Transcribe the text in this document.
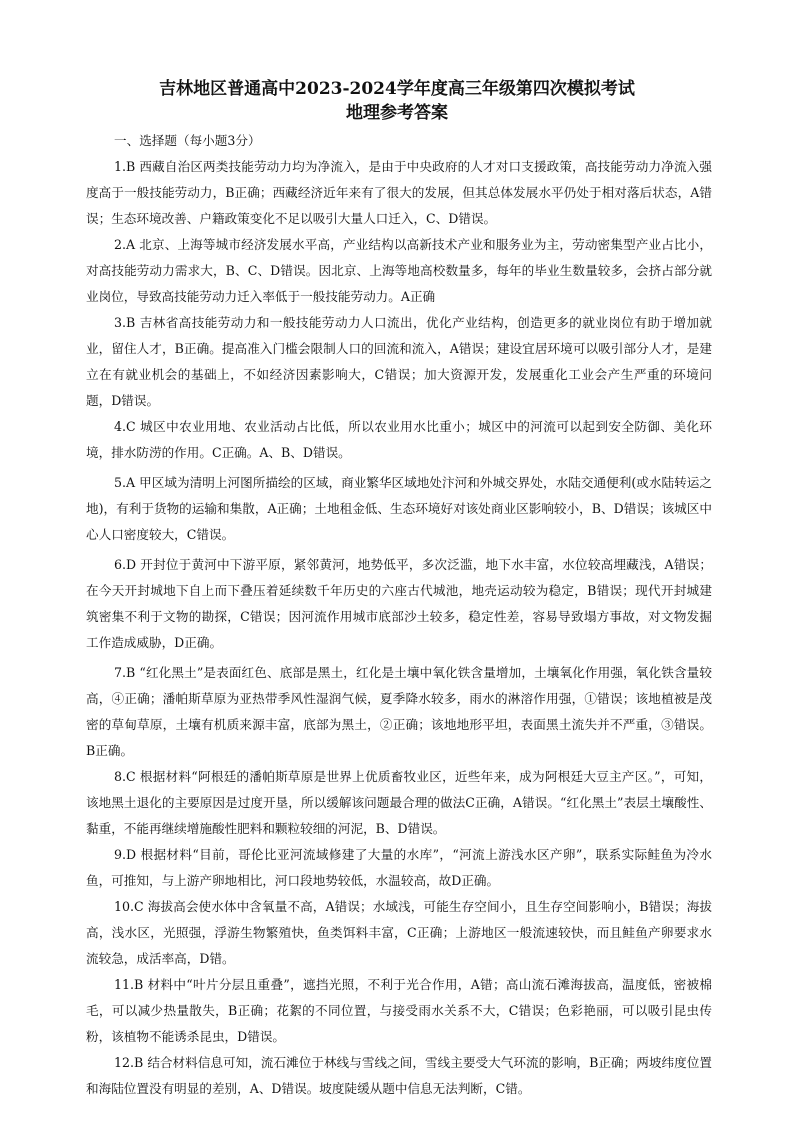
吉林地区普通高中2023-2024学年度高三年级第四次模拟考试
地理参考答案

一、选择题（每小题3分）

1.B 西藏自治区两类技能劳动力均为净流入，是由于中央政府的人才对口支援政策，高技能劳动力净流入强度高于一般技能劳动力，B正确；西藏经济近年来有了很大的发展，但其总体发展水平仍处于相对落后状态，A错误；生态环境改善、户籍政策变化不足以吸引大量人口迁入，C、D错误。

2.A 北京、上海等城市经济发展水平高，产业结构以高新技术产业和服务业为主，劳动密集型产业占比小，对高技能劳动力需求大，B、C、D错误。因北京、上海等地高校数量多，每年的毕业生数量较多，会挤占部分就业岗位，导致高技能劳动力迁入率低于一般技能劳动力。A正确

3.B 吉林省高技能劳动力和一般技能劳动力人口流出，优化产业结构，创造更多的就业岗位有助于增加就业，留住人才，B正确。提高准入门槛会限制人口的回流和流入，A错误；建设宜居环境可以吸引部分人才，是建立在有就业机会的基础上，不如经济因素影响大，C错误；加大资源开发，发展重化工业会产生严重的环境问题，D错误。

4.C 城区中农业用地、农业活动占比低，所以农业用水比重小；城区中的河流可以起到安全防御、美化环境，排水防涝的作用。C正确。A、B、D错误。

5.A 甲区域为清明上河图所描绘的区域，商业繁华区域地处汴河和外城交界处，水陆交通便利(或水陆转运之地)，有利于货物的运输和集散，A正确；土地租金低、生态环境好对该处商业区影响较小，B、D错误；该城区中心人口密度较大，C错误。

6.D 开封位于黄河中下游平原，紧邻黄河，地势低平，多次泛滥，地下水丰富，水位较高埋藏浅，A错误；在今天开封城地下自上而下叠压着延续数千年历史的六座古代城池，地壳运动较为稳定，B错误；现代开封城建筑密集不利于文物的勘探，C错误；因河流作用城市底部沙土较多，稳定性差，容易导致塌方事故，对文物发掘工作造成威胁，D正确。

7.B “红化黑土”是表面红色、底部是黑土，红化是土壤中氧化铁含量增加，土壤氧化作用强，氧化铁含量较高，④正确；潘帕斯草原为亚热带季风性湿润气候，夏季降水较多，雨水的淋溶作用强，①错误；该地植被是茂密的草甸草原，土壤有机质来源丰富，底部为黑土，②正确；该地地形平坦，表面黑土流失并不严重，③错误。B正确。

8.C 根据材料“阿根廷的潘帕斯草原是世界上优质畜牧业区，近些年来，成为阿根廷大豆主产区。”，可知，该地黑土退化的主要原因是过度开垦，所以缓解该问题最合理的做法C正确，A错误。“红化黑土”表层土壤酸性、黏重，不能再继续增施酸性肥料和颗粒较细的河泥，B、D错误。

9.D 根据材料“目前，哥伦比亚河流域修建了大量的水库”，“河流上游浅水区产卵”，联系实际鲑鱼为冷水鱼，可推知，与上游产卵地相比，河口段地势较低，水温较高，故D正确。

10.C 海拔高会使水体中含氧量不高，A错误；水域浅，可能生存空间小，且生存空间影响小，B错误；海拔高，浅水区，光照强，浮游生物繁殖快，鱼类饵料丰富，C正确；上游地区一般流速较快，而且鲑鱼产卵要求水流较急，成活率高，D错。

11.B 材料中“叶片分层且重叠”，遮挡光照，不利于光合作用，A错；高山流石滩海拔高，温度低，密被棉毛，可以减少热量散失，B正确；花絮的不同位置，与接受雨水关系不大，C错误；色彩艳丽，可以吸引昆虫传粉，该植物不能诱杀昆虫，D错误。

12.B 结合材料信息可知，流石滩位于林线与雪线之间，雪线主要受大气环流的影响，B正确；两坡纬度位置和海陆位置没有明显的差别，A、D错误。坡度陡缓从题中信息无法判断，C错。
